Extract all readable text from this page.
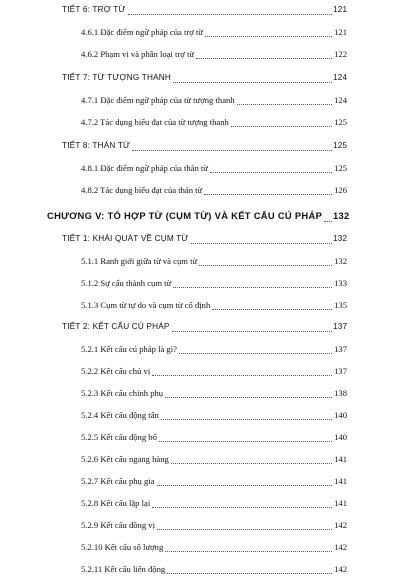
TIẾT 6: TRỢ TỪ	121
4.6.1 Đặc điểm ngữ pháp của trợ từ	121
4.6.2 Phạm vi và phân loại trợ từ	122
TIẾT 7: TỪ TƯỢNG THANH	124
4.7.1 Đặc điểm ngữ pháp của từ tượng thanh	124
4.7.2 Tác dụng biểu đạt của từ tượng thanh	125
TIẾT 8: THÁN TỪ	125
4.8.1 Đặc điểm ngữ pháp của thán từ	125
4.8.2 Tác dụng biểu đạt của thán từ	126
CHƯƠNG V: TỔ HỢP TỪ (CỤM TỪ) VÀ KẾT CẤU CÚ PHÁP 132
TIẾT 1: KHÁI QUÁT VỀ CỤM TỪ	132
5.1.1 Ranh giới giữa từ và cụm từ	132
5.1.2 Sự cấu thành cụm từ	133
5.1.3 Cụm từ tự do và cụm từ cố định	135
TIẾT 2: KẾT CẤU CÚ PHÁP	137
5.2.1 Kết cấu cú pháp là gì?	137
5.2.2 Kết cấu chủ vị	137
5.2.3 Kết cấu chính phụ	138
5.2.4 Kết cấu động tân	140
5.2.5 Kết cấu động bổ	140
5.2.6 Kết cấu ngang hàng	141
5.2.7 Kết cấu phụ gia	141
5.2.8 Kết cấu lặp lại	141
5.2.9 Kết cấu đồng vị	142
5.2.10 Kết cấu số lượng	142
5.2.11 Kết cấu liên động	142
